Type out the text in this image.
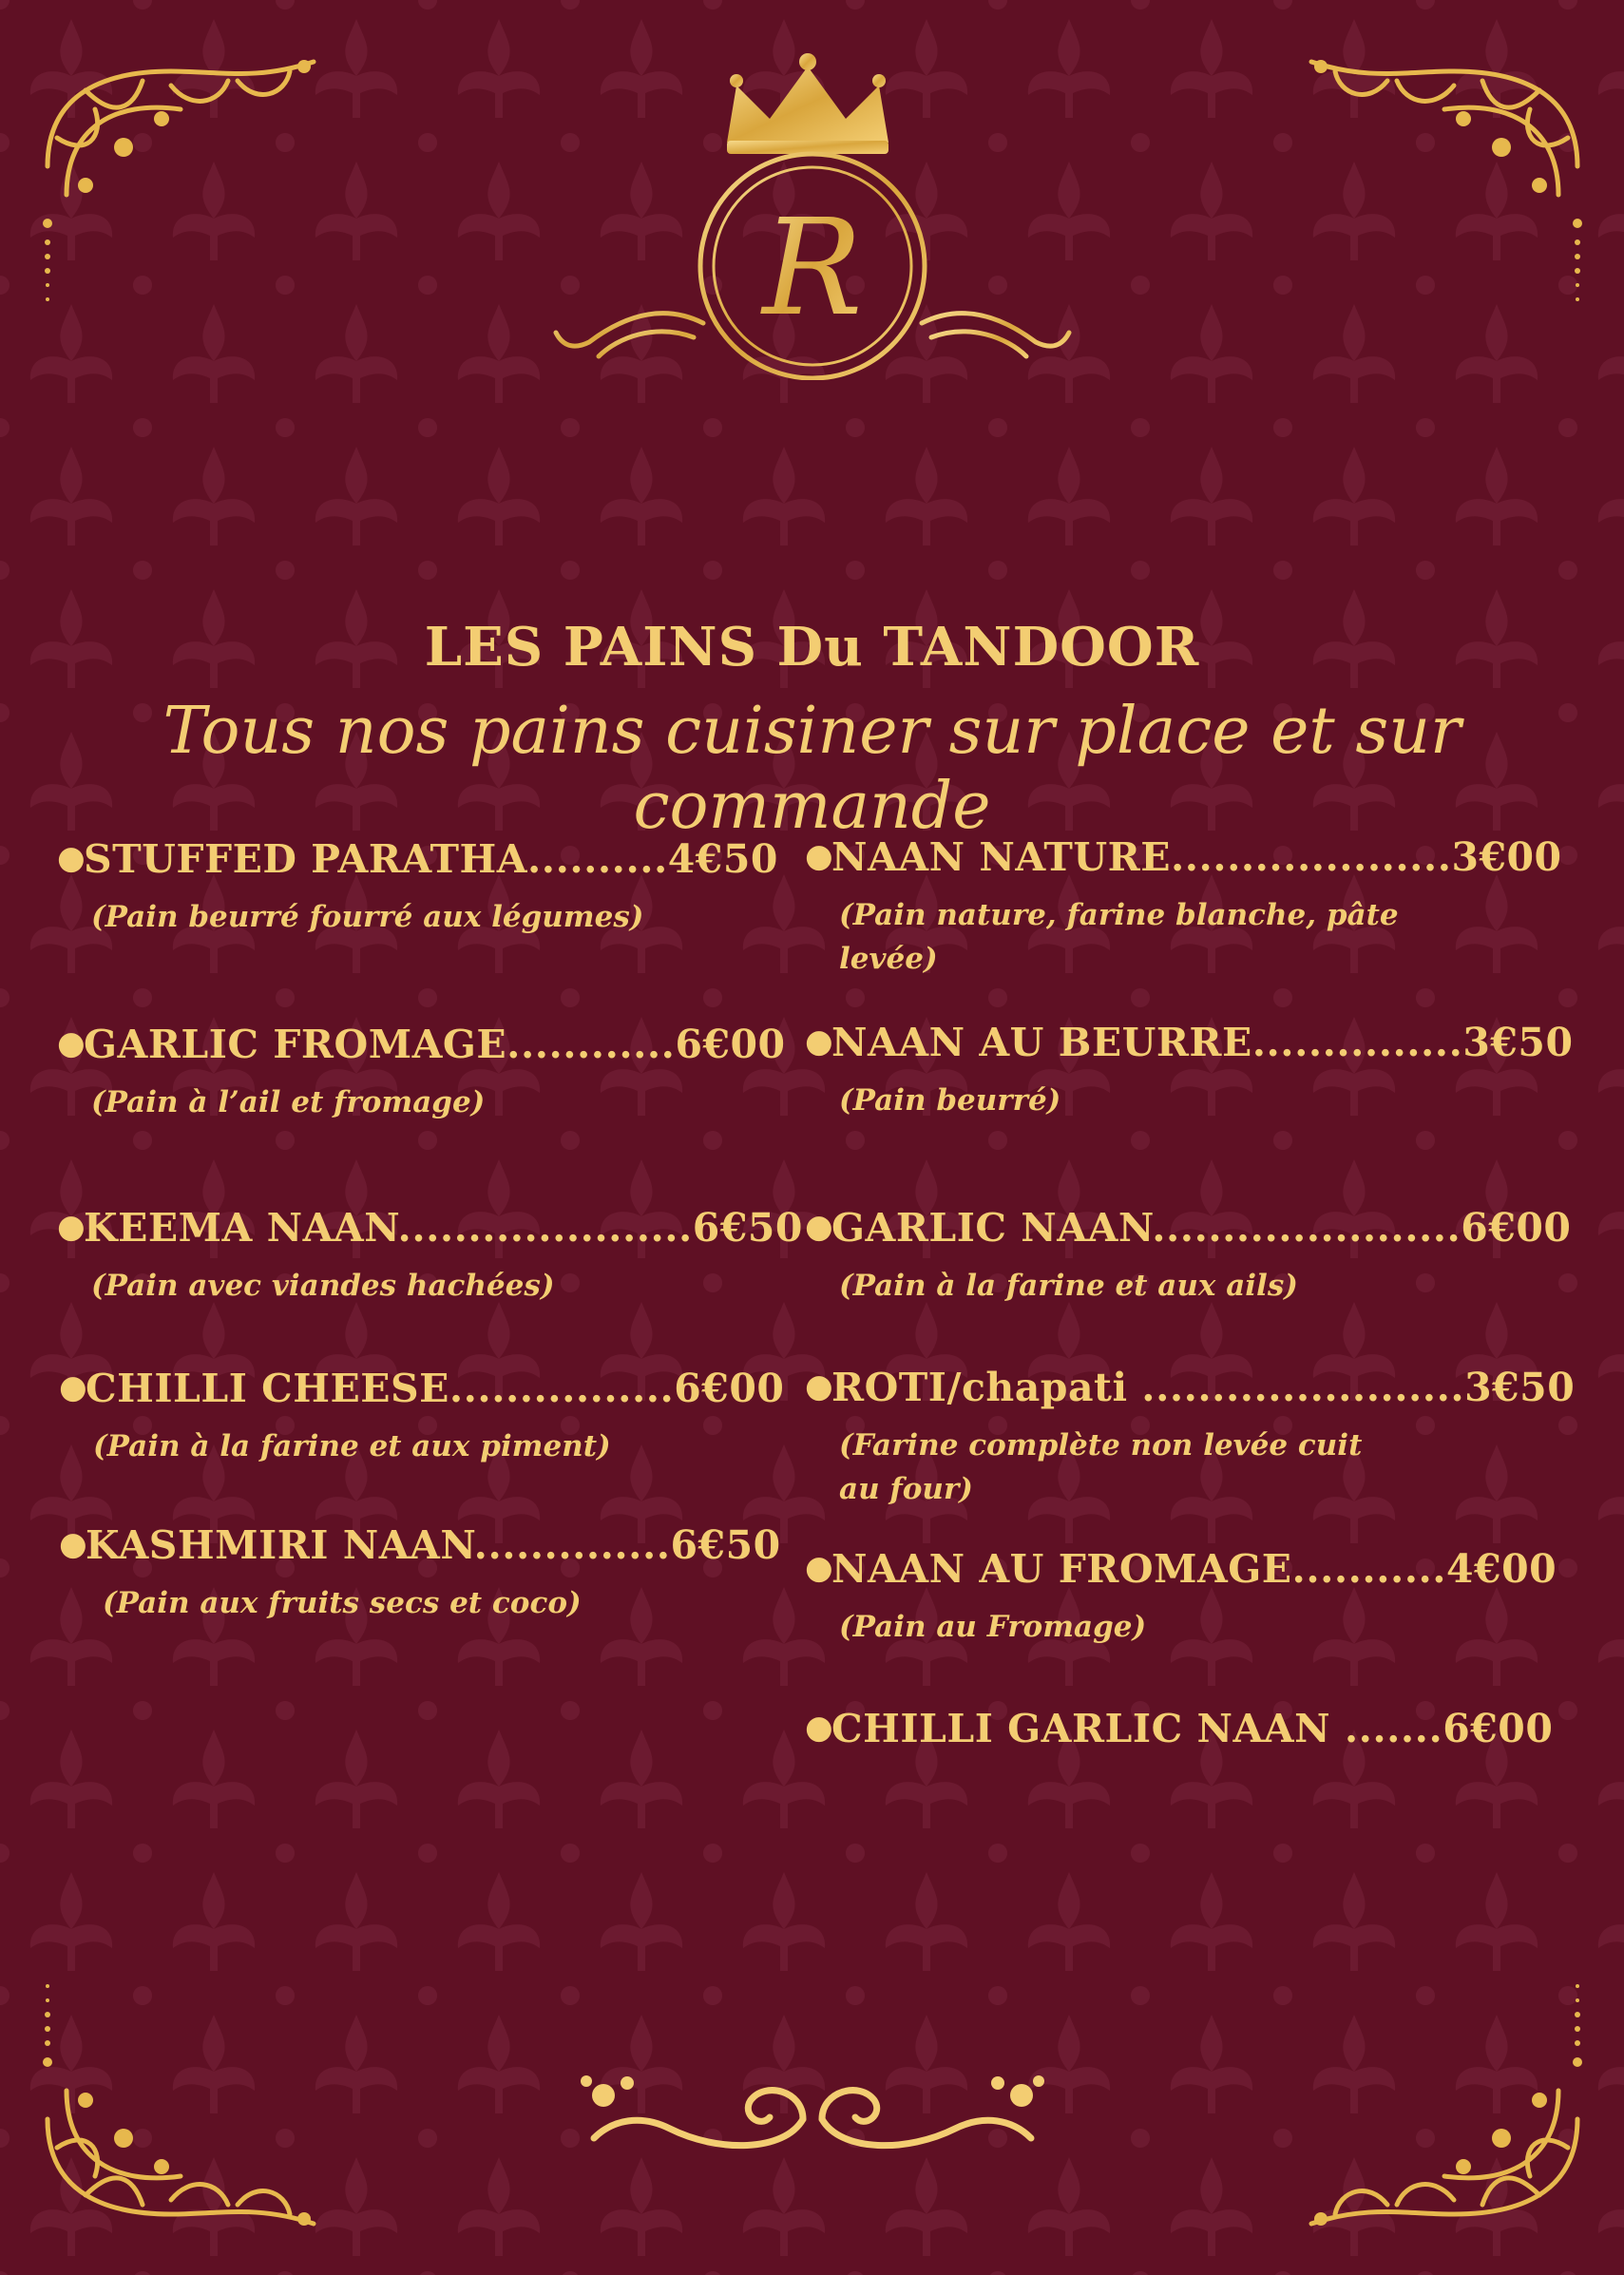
R
LES PAINS Du TANDOOR
Tous nos pains cuisiner sur place et sur commande
●STUFFED PARATHA..........4€50
(Pain beurré fourré aux légumes)
●GARLIC FROMAGE............6€00
(Pain à l’ail et fromage)
●KEEMA NAAN.....................6€50
(Pain avec viandes hachées)
●CHILLI CHEESE................6€00
(Pain à la farine et aux piment)
●KASHMIRI NAAN..............6€50
(Pain aux fruits secs et coco)
●NAAN NATURE....................3€00
(Pain nature, farine blanche, pâte levée)
●NAAN AU BEURRE...............3€50
(Pain beurré)
●GARLIC NAAN......................6€00
(Pain à la farine et aux ails)
●ROTI/chapati .......................3€50
(Farine complète non levée cuit au four)
●NAAN AU FROMAGE...........4€00
(Pain au Fromage)
●CHILLI GARLIC NAAN .......6€00
